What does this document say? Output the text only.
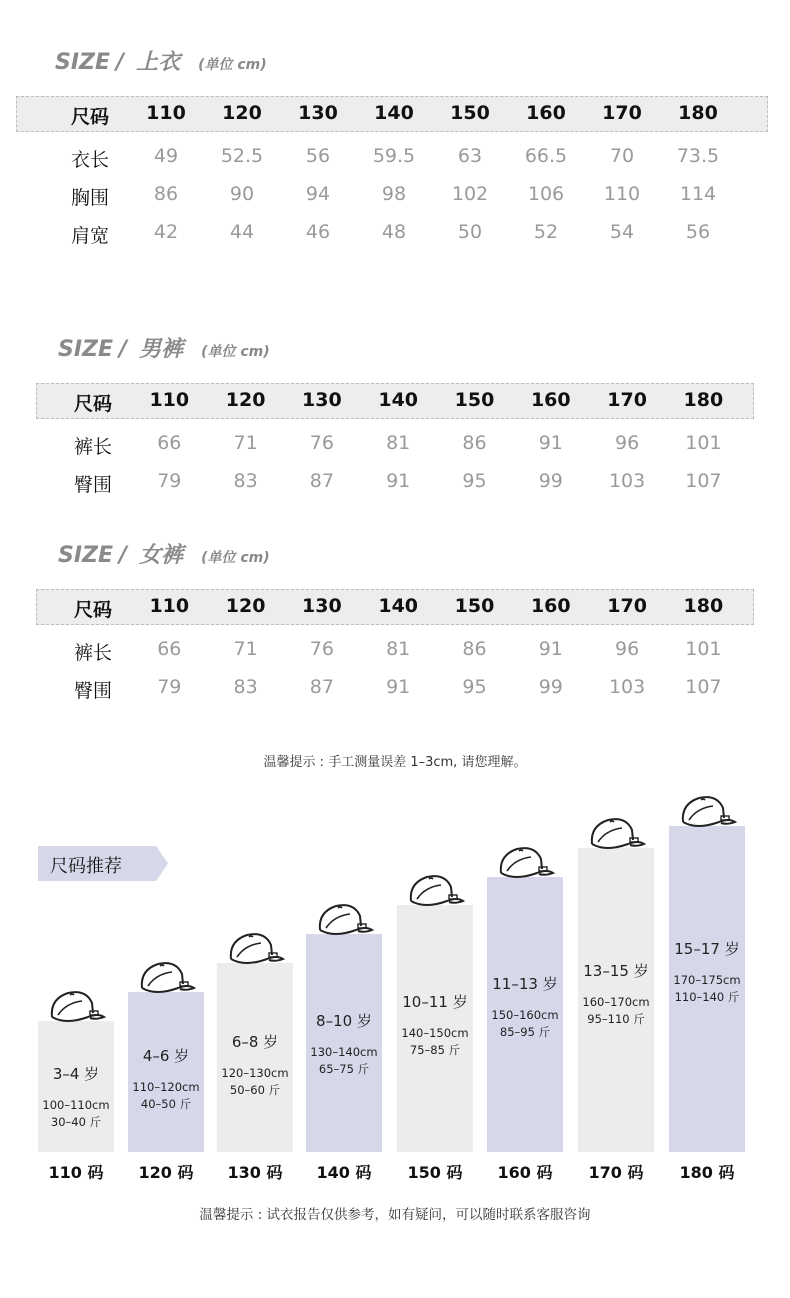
SIZE / 上衣 (单位 cm)
尺码	110	120	130	140	150	160	170	180
衣长	49	52.5	56	59.5	63	66.5	70	73.5
胸围	86	90	94	98	102	106	110	114
肩宽	42	44	46	48	50	52	54	56
SIZE / 男裤 (单位 cm)
尺码	110	120	130	140	150	160	170	180
裤长	66	71	76	81	86	91	96	101
臀围	79	83	87	91	95	99	103	107
SIZE / 女裤 (单位 cm)
尺码	110	120	130	140	150	160	170	180
裤长	66	71	76	81	86	91	96	101
臀围	79	83	87	91	95	99	103	107
3–4 岁
100–110cm
30–40 斤
110 码
4–6 岁
110–120cm
40–50 斤
120 码
6–8 岁
120–130cm
50–60 斤
130 码
8–10 岁
130–140cm
65–75 斤
140 码
10–11 岁
140–150cm
75–85 斤
150 码
11–13 岁
150–160cm
85–95 斤
160 码
13–15 岁
160–170cm
95–110 斤
170 码
15–17 岁
170–175cm
110–140 斤
180 码
温馨提示 : 手工测量误差 1–3cm, 请您理解。
尺码推荐
温馨提示 : 试衣报告仅供参考，如有疑问，可以随时联系客服咨询
